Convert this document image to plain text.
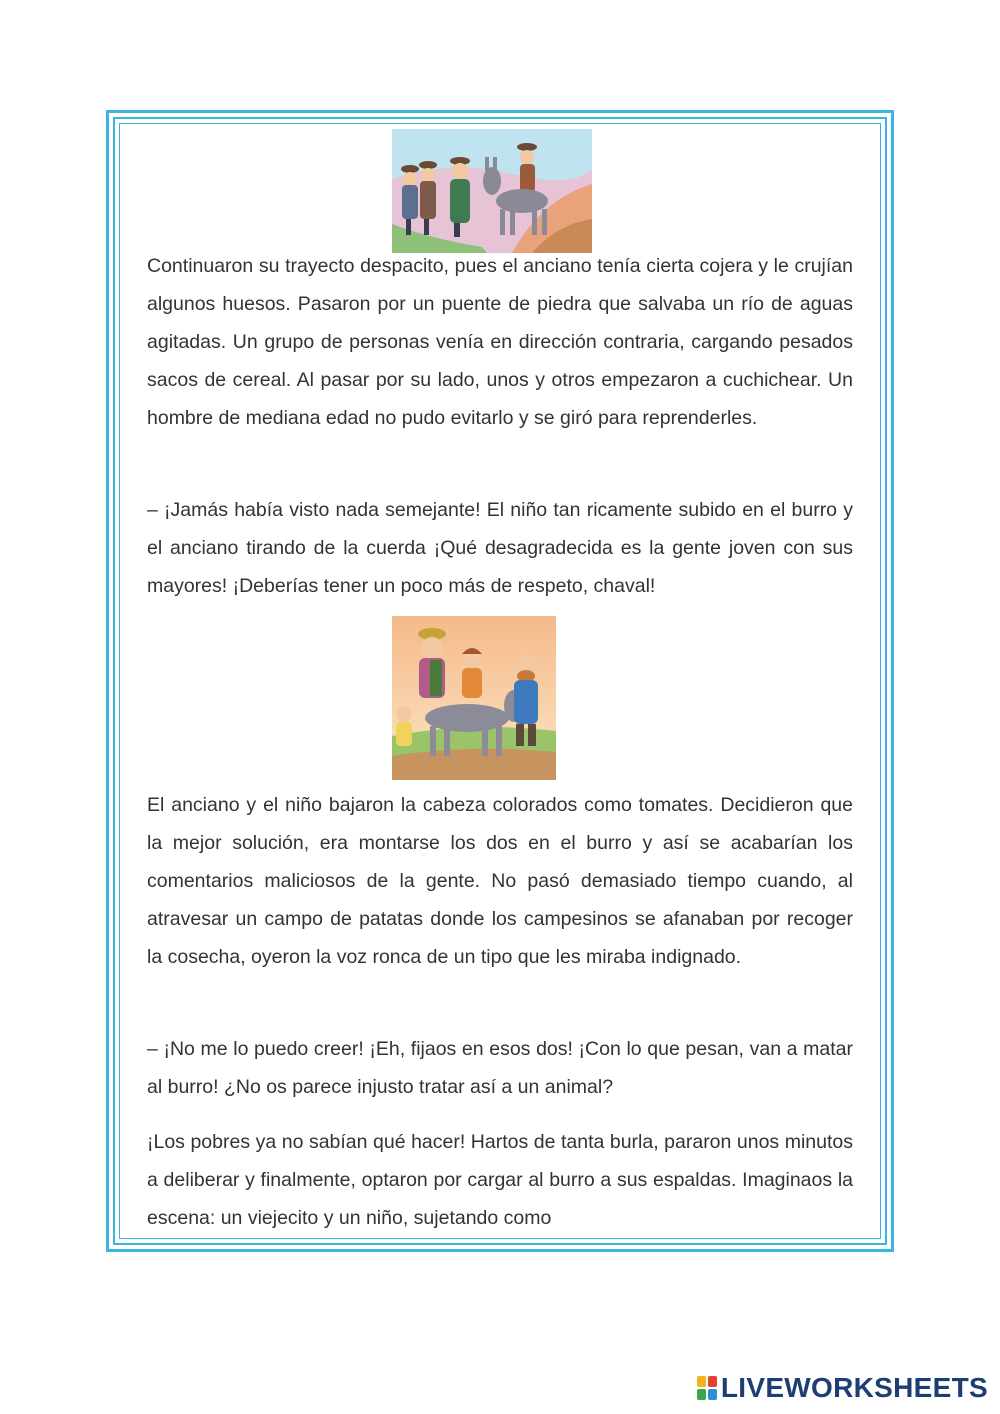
Continuaron su trayecto despacito, pues el anciano tenía cierta cojera y le crujían algunos huesos. Pasaron por un puente de piedra que salvaba un río de aguas agitadas. Un grupo de personas venía en dirección contraria, cargando pesados sacos de cereal. Al pasar por su lado, unos y otros empezaron a cuchichear. Un hombre de mediana edad no pudo evitarlo y se giró para reprenderles.

– ¡Jamás había visto nada semejante! El niño tan ricamente subido en el burro y el anciano tirando de la cuerda ¡Qué desagradecida es la gente joven con sus mayores! ¡Deberías tener un poco más de respeto, chaval!

El anciano y el niño bajaron la cabeza colorados como tomates. Decidieron que la mejor solución, era montarse los dos en el burro y así se acabarían los comentarios maliciosos de la gente. No pasó demasiado tiempo cuando, al atravesar un campo de patatas donde los campesinos se afanaban por recoger la cosecha, oyeron la voz ronca de un tipo que les miraba indignado.

– ¡No me lo puedo creer! ¡Eh, fijaos en esos dos! ¡Con lo que pesan, van a matar al burro! ¿No os parece injusto tratar así a un animal?

¡Los pobres ya no sabían qué hacer! Hartos de tanta burla, pararon unos minutos a deliberar y finalmente, optaron por cargar al burro a sus espaldas. Imaginaos la escena: un viejecito y un niño, sujetando como

LIVEWORKSHEETS
